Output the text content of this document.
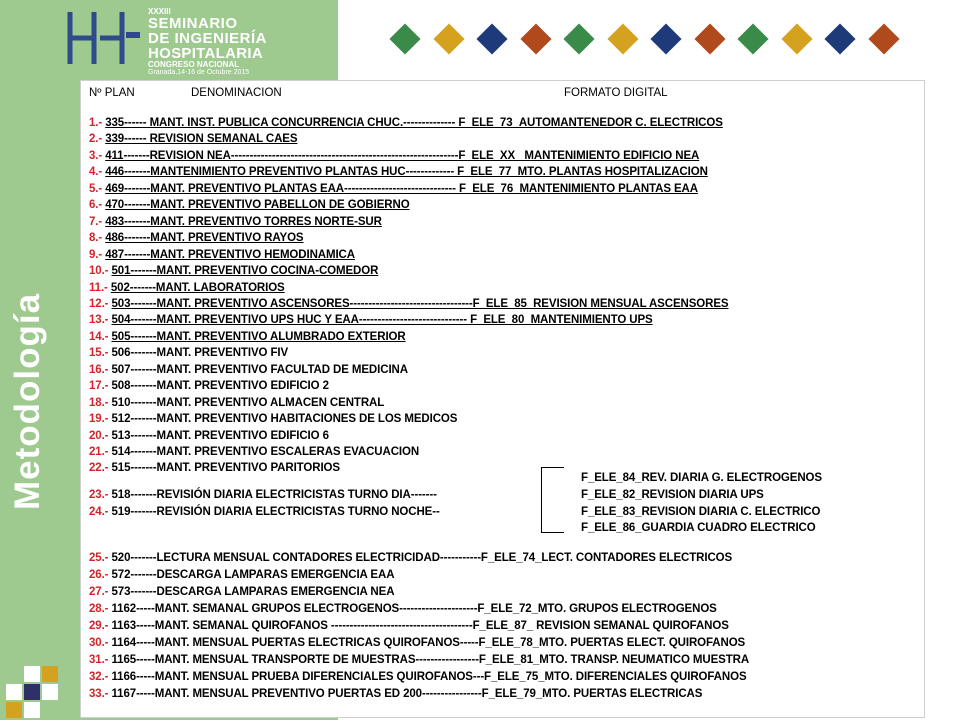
XXXIII
SEMINARIO
DE INGENIERÍA
HOSPITALARIA
CONGRESO NACIONAL
Granada,14-16 de Octubre 2015
Nº PLAN	DENOMINACION	FORMATO DIGITAL
1.- 335------ MANT. INST. PUBLICA CONCURRENCIA CHUC.-------------- F_ELE_73_AUTOMANTENEDOR C. ELECTRICOS
2.- 339------ REVISION SEMANAL CAES
3.- 411-------REVISION NEA-------------------------------------------------------------F_ELE_XX_ MANTENIMIENTO EDIFICIO NEA
4.- 446-------MANTENIMIENTO PREVENTIVO PLANTAS HUC------------- F_ELE_77_MTO. PLANTAS HOSPITALIZACION
5.- 469-------MANT. PREVENTIVO PLANTAS EAA------------------------------ F_ELE_76_MANTENIMIENTO PLANTAS EAA
6.- 470-------MANT. PREVENTIVO PABELLON DE GOBIERNO
7.- 483-------MANT. PREVENTIVO TORRES NORTE-SUR
8.- 486-------MANT. PREVENTIVO RAYOS
9.- 487-------MANT. PREVENTIVO HEMODINAMICA
10.- 501-------MANT. PREVENTIVO COCINA-COMEDOR
11.- 502-------MANT. LABORATORIOS
12.- 503-------MANT. PREVENTIVO ASCENSORES---------------------------------F_ELE_85_REVISION MENSUAL ASCENSORES
13.- 504-------MANT. PREVENTIVO UPS HUC Y EAA----------------------------- F_ELE_80_MANTENIMIENTO UPS
14.- 505-------MANT. PREVENTIVO ALUMBRADO EXTERIOR
15.- 506-------MANT. PREVENTIVO FIV
16.- 507-------MANT. PREVENTIVO FACULTAD DE MEDICINA
17.- 508-------MANT. PREVENTIVO EDIFICIO 2
18.- 510-------MANT. PREVENTIVO ALMACEN CENTRAL
19.- 512-------MANT. PREVENTIVO HABITACIONES DE LOS MEDICOS
20.- 513-------MANT. PREVENTIVO EDIFICIO 6
21.- 514-------MANT. PREVENTIVO ESCALERAS EVACUACION
22.- 515-------MANT. PREVENTIVO PARITORIOS
F_ELE_84_REV. DIARIA G. ELECTROGENOS
F_ELE_82_REVISION DIARIA UPS
F_ELE_83_REVISION DIARIA C. ELECTRICO
F_ELE_86_GUARDIA CUADRO ELECTRICO
23.- 518-------REVISIÓN DIARIA ELECTRICISTAS TURNO DIA-------
24.- 519-------REVISIÓN DIARIA ELECTRICISTAS TURNO NOCHE--
25.- 520-------LECTURA MENSUAL CONTADORES ELECTRICIDAD-----------F_ELE_74_LECT. CONTADORES ELECTRICOS
26.- 572-------DESCARGA LAMPARAS EMERGENCIA EAA
27.- 573-------DESCARGA LAMPARAS EMERGENCIA NEA
28.- 1162-----MANT. SEMANAL GRUPOS ELECTROGENOS---------------------F_ELE_72_MTO. GRUPOS ELECTROGENOS
29.- 1163-----MANT. SEMANAL QUIROFANOS --------------------------------------F_ELE_87_ REVISION SEMANAL QUIROFANOS
30.- 1164-----MANT. MENSUAL PUERTAS ELECTRICAS QUIROFANOS-----F_ELE_78_MTO. PUERTAS ELECT. QUIROFANOS
31.- 1165-----MANT. MENSUAL TRANSPORTE DE MUESTRAS-----------------F_ELE_81_MTO. TRANSP. NEUMATICO MUESTRA
32.- 1166-----MANT. MENSUAL PRUEBA DIFERENCIALES QUIROFANOS---F_ELE_75_MTO. DIFERENCIALES QUIROFANOS
33.- 1167-----MANT. MENSUAL PREVENTIVO PUERTAS ED 200----------------F_ELE_79_MTO. PUERTAS ELECTRICAS
